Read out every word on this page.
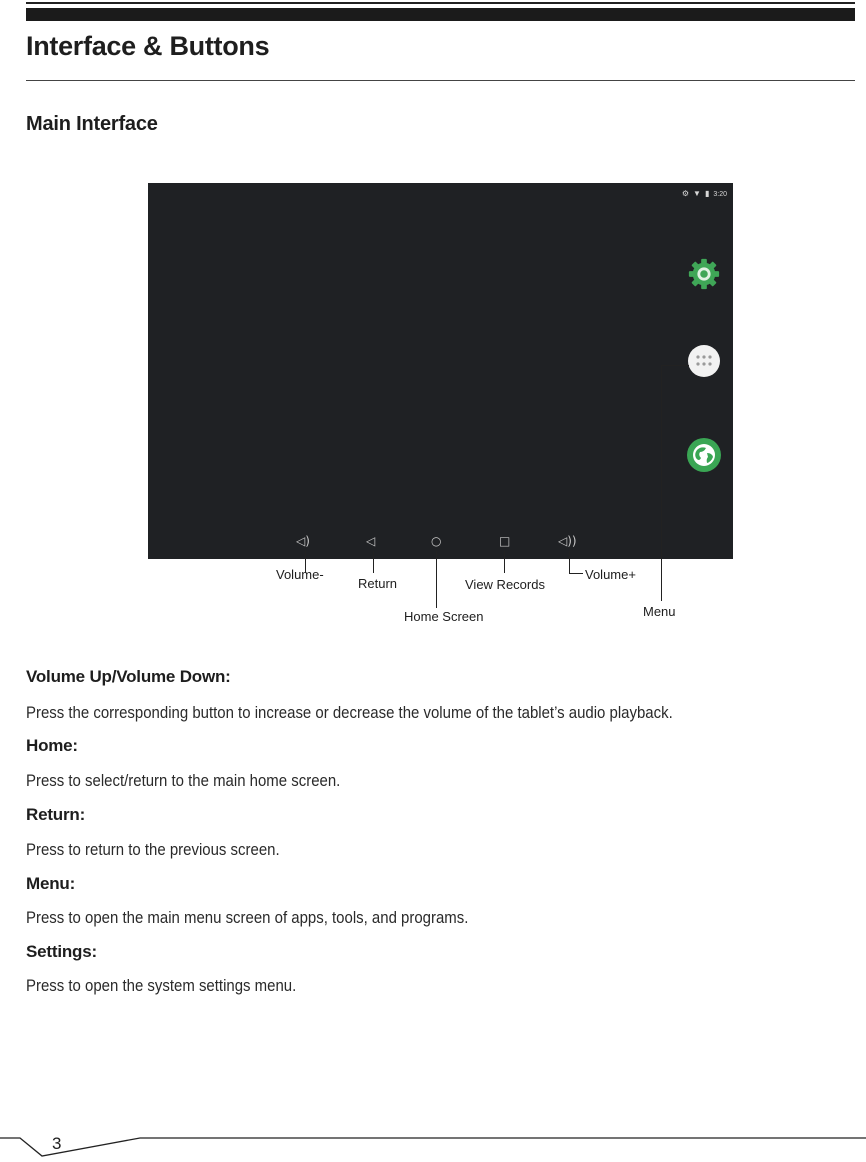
Interface & Buttons
Main Interface
⚙ ▼ ▮ 3:20
◁)	◁	○	□	◁))
Volume-
Return
Home Screen
View Records
Volume+
Menu
Volume Up/Volume Down:

Press the corresponding button to increase or decrease the volume of the tablet’s audio playback.

Home:

Press to select/return to the main home screen.

Return:

Press to return to the previous screen.

Menu:

Press to open the main menu screen of apps, tools, and programs.

Settings:

Press to open the system settings menu.

3
